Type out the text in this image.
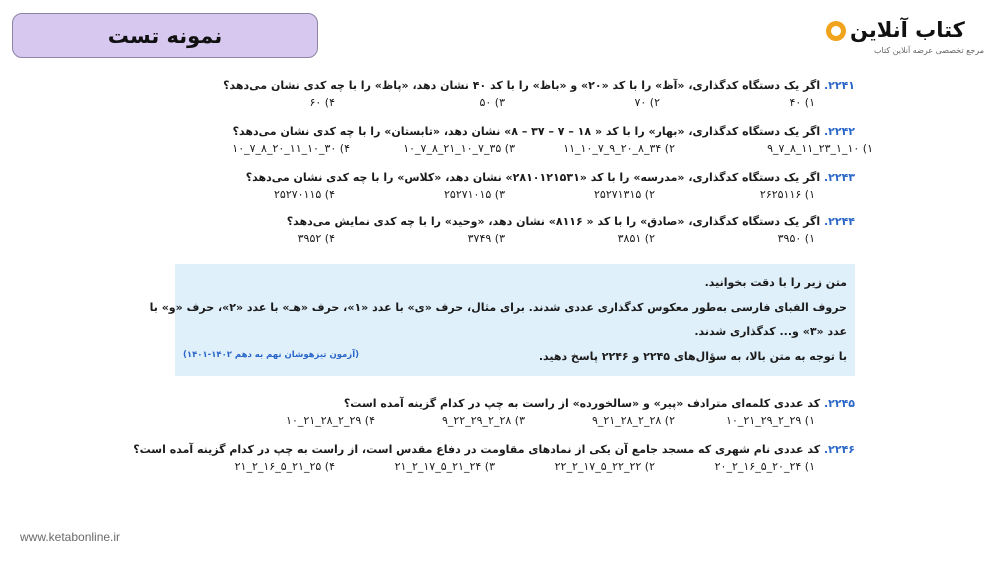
نمونه تست	کتاب آنلاین
مرجع تخصصی عرضه آنلاین کتاب
۲۲۴۱. اگر یک دستگاه کدگذاری، «آظ» را با کد «۲۰» و «باظ» را با کد ۴۰ نشان دهد، «پاظ» را با چه کدی نشان می‌دهد؟
۱) ۴۰
۲) ۷۰
۳) ۵۰
۴) ۶۰
۲۲۴۲. اگر یک دستگاه کدگذاری، «بهار» را با کد « ۱۸ – ۷ – ۳۷ – ۸» نشان دهد، «تابستان» را با چه کدی نشان می‌دهد؟
۱) ۱۰_۱_۲۳_۱۱_۸_۷_۹
۲) ۳۴_۸_۲۰_۹_۷_۱۰_۱۱
۳) ۳۵_۷_۱۰_۲۱_۸_۷_۱۰
۴) ۳۰_۱۰_۱۱_۲۰_۸_۷_۱۰
۲۲۴۳. اگر یک دستگاه کدگذاری، «مدرسه» را با کد «۲۸۱۰۱۲۱۵۳۱» نشان دهد، «کلاس» را با چه کدی نشان می‌دهد؟
۱) ۲۶۲۵۱۱۶
۲) ۲۵۲۷۱۳۱۵
۳) ۲۵۲۷۱۰۱۵
۴) ۲۵۲۷۰۱۱۵
۲۲۴۴. اگر یک دستگاه کدگذاری، «صادق» را با کد « ۸۱۱۶» نشان دهد، «وحید» را با چه کدی نمایش می‌دهد؟
۱) ۳۹۵۰
۲) ۳۸۵۱
۳) ۳۷۴۹
۴) ۳۹۵۲
متن زیر را با دقت بخوانید.
حروف الفبای فارسی به‌طور معکوس کدگذاری عددی شدند. برای مثال، حرف «ی» با عدد «۱»، حرف «هـ» با عدد «۲»، حرف «و» با
عدد «۳» و... کدگذاری شدند.
با توجه به متن بالا، به سؤال‌های ۲۲۴۵ و ۲۲۴۶ پاسخ دهید.
(آزمون تیزهوشان نهم به دهم ۱۴۰۲-۱۴۰۱)
۲۲۴۵. کد عددی کلمه‌ای مترادف «پیر» و «سالخورده» از راست به چپ در کدام گزینه آمده است؟
۱) ۲۹_۲_۲۹_۲۱_۱۰
۲) ۲۸_۲_۲۸_۲۱_۹
۳) ۲۸_۲_۲۹_۲۲_۹
۴) ۲۹_۲_۲۸_۲۱_۱۰
۲۲۴۶. کد عددی نام شهری که مسجد جامع آن یکی از نمادهای مقاومت در دفاع مقدس است، از راست به چپ در کدام گزینه آمده است؟
۱) ۲۴_۲۰_۵_۱۶_۲_۲۰
۲) ۲۲_۲۲_۵_۱۷_۲_۲۲
۳) ۲۴_۲۱_۵_۱۷_۲_۲۱
۴) ۲۵_۲۱_۵_۱۶_۲_۲۱
www.ketabonline.ir
